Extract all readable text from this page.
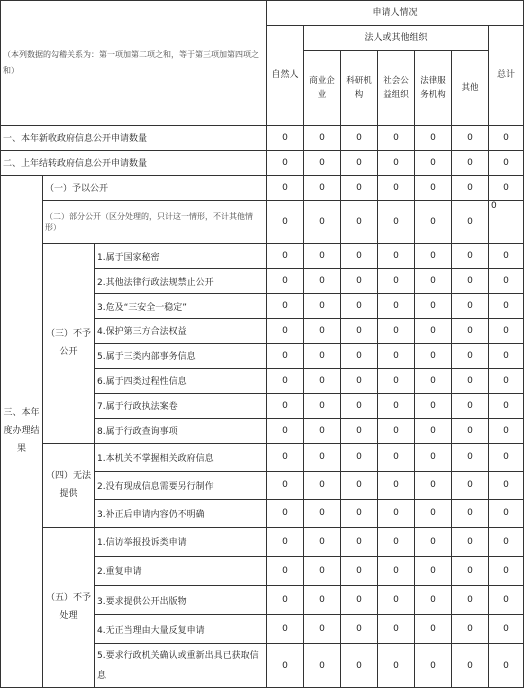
（本列数据的勾稽关系为：第一项加第二项之和，等于第三项加第四项之和）			申请人情况						
			自然人	法人或其他组织					总计
				商业企业	科研机构	社会公益组织	法律服务机构	其他	
一、本年新收政府信息公开申请数量			0	0	0	0	0	0	0
二、上年结转政府信息公开申请数量			0	0	0	0	0	0	0
三、本年度办理结果	（一）予以公开		0	0	0	0	0	0	0
	（二）部分公开（区分处理的，只计这一情形，不计其他情形）		0	0	0	0	0	0	0
	（三）不予公开	1.属于国家秘密	0	0	0	0	0	0	0
		2.其他法律行政法规禁止公开	0	0	0	0	0	0	0
		3.危及“三安全一稳定”	0	0	0	0	0	0	0
		4.保护第三方合法权益	0	0	0	0	0	0	0
		5.属于三类内部事务信息	0	0	0	0	0	0	0
		6.属于四类过程性信息	0	0	0	0	0	0	0
		7.属于行政执法案卷	0	0	0	0	0	0	0
		8.属于行政查询事项	0	0	0	0	0	0	0
	（四）无法提供	1.本机关不掌握相关政府信息	0	0	0	0	0	0	0
		2.没有现成信息需要另行制作	0	0	0	0	0	0	0
		3.补正后申请内容仍不明确	0	0	0	0	0	0	0
	（五）不予处理	1.信访举报投诉类申请	0	0	0	0	0	0	0
		2.重复申请	0	0	0	0	0	0	0
		3.要求提供公开出版物	0	0	0	0	0	0	0
		4.无正当理由大量反复申请	0	0	0	0	0	0	0
		5.要求行政机关确认或重新出具已获取信息	0	0	0	0	0	0	0
